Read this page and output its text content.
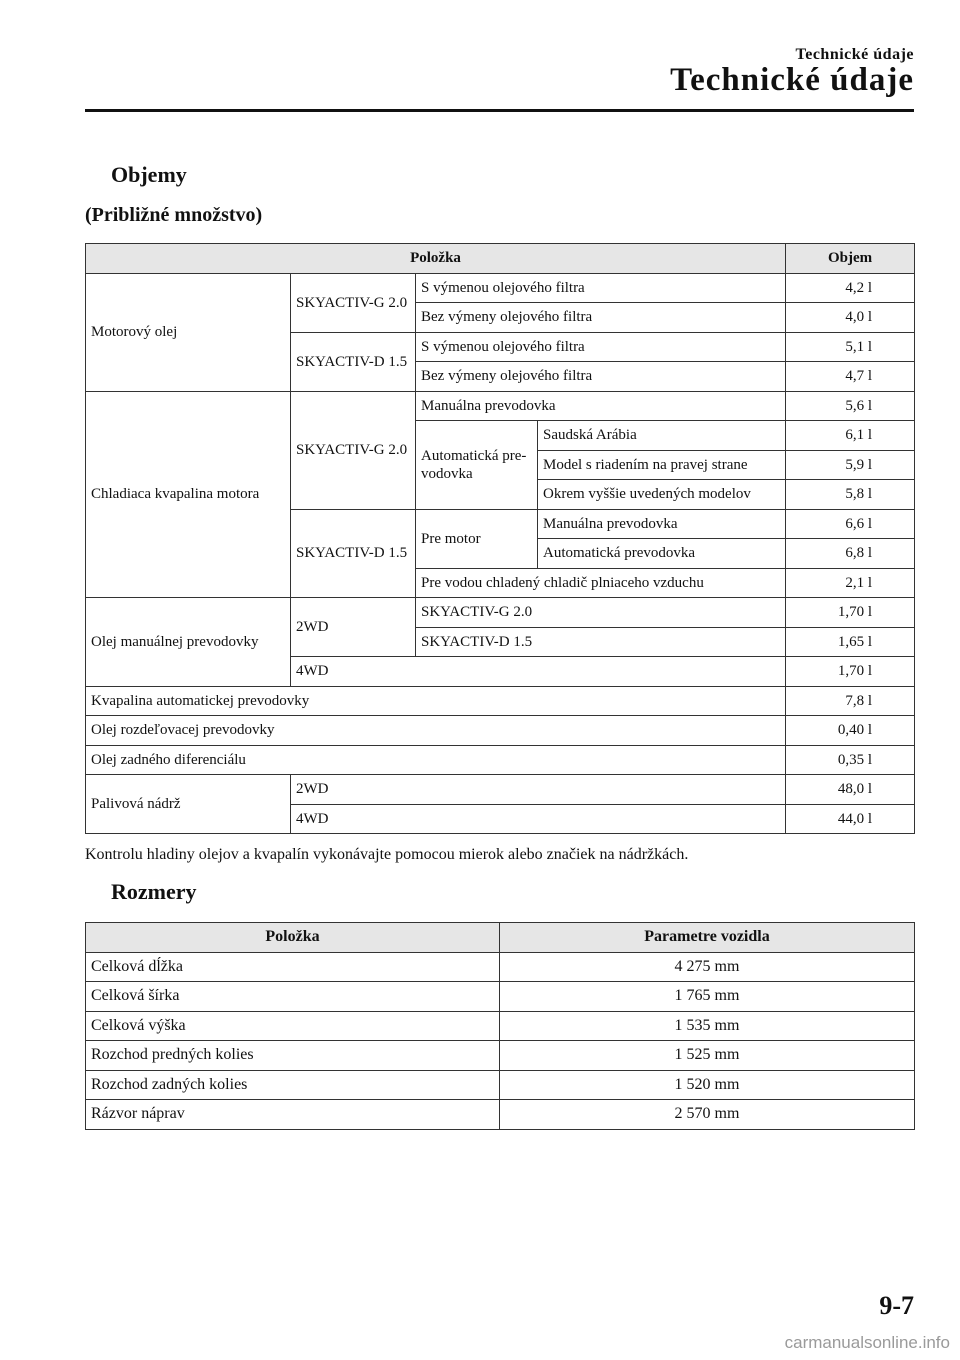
Technické údaje
Technické údaje
Objemy
(Približné množstvo)
Položka				Objem
Motorový olej	SKYACTIV-G 2.0	S výmenou olejového filtra		4,2 l
		Bez výmeny olejového filtra		4,0 l
	SKYACTIV-D 1.5	S výmenou olejového filtra		5,1 l
		Bez výmeny olejového filtra		4,7 l
Chladiaca kvapalina motora	SKYACTIV-G 2.0	Manuálna prevodovka		5,6 l
		Automatická pre- vodovka	Saudská Arábia	6,1 l
			Model s riadením na pravej strane	5,9 l
			Okrem vyššie uvedených modelov	5,8 l
	SKYACTIV-D 1.5	Pre motor	Manuálna prevodovka	6,6 l
			Automatická prevodovka	6,8 l
		Pre vodou chladený chladič plniaceho vzduchu		2,1 l
Olej manuálnej prevodovky	2WD	SKYACTIV-G 2.0		1,70 l
		SKYACTIV-D 1.5		1,65 l
	4WD			1,70 l
Kvapalina automatickej prevodovky				7,8 l
Olej rozdeľovacej prevodovky				0,40 l
Olej zadného diferenciálu				0,35 l
Palivová nádrž	2WD			48,0 l
	4WD			44,0 l
Kontrolu hladiny olejov a kvapalín vykonávajte pomocou mierok alebo značiek na nádržkách.
Rozmery
Položka	Parametre vozidla
Celková dĺžka	4 275 mm
Celková šírka	1 765 mm
Celková výška	1 535 mm
Rozchod predných kolies	1 525 mm
Rozchod zadných kolies	1 520 mm
Rázvor náprav	2 570 mm
9-7
carmanualsonline.info
